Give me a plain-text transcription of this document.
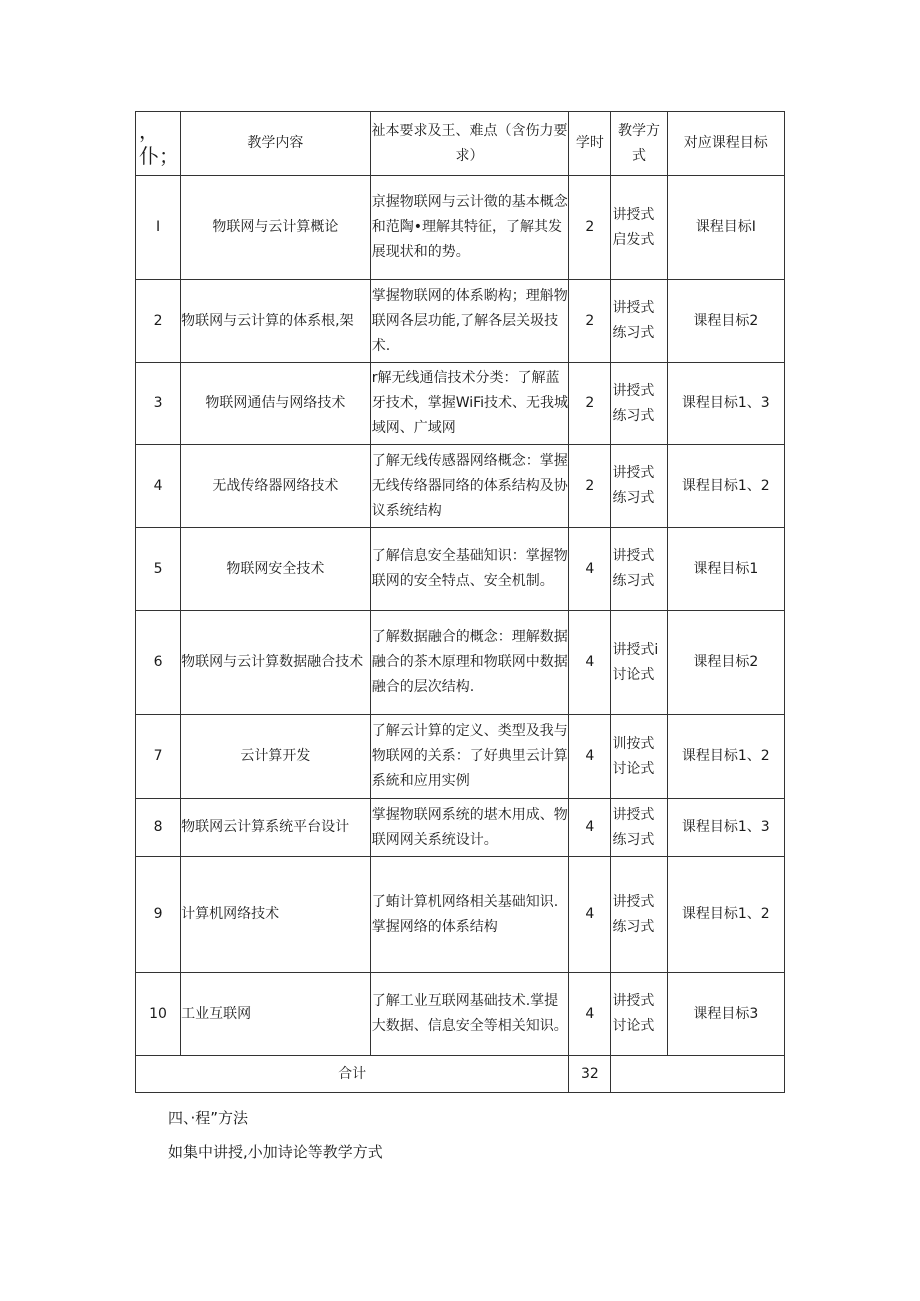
，
仆；	教学内容	祉本要求及王、难点（含伤力要求）	学时	教学方式	对应课程目标
I	物联网与云计算概论	京握物联网与云计徵的基本概念和范陶•理解其特征，了解其发展现状和的势。	2	讲授式启发式	课程目标I
2	物联网与云计算的体系根,架	掌握物联网的体系喲构；理斛物联网各层功能,了解各层关圾技术.	2	讲授式练习式	课程目标2
3	物联网通佶与网络技术	r解无线通信技术分类：了解蓝牙技术，掌握WiFi技术、无我城域网、广域网	2	讲授式练习式	课程目标1、3
4	无战传络器网络技术	了解无线传感器网络概念：掌握无线传络器同络的体系结构及协议系统结构	2	讲授式练习式	课程目标1、2
5	物联网安全技术	了解信息安全基础知识：掌握物联网的安全特点、安全机制。	4	讲授式练习式	课程目标1
6	物联网与云计算数据融合技术	了解数据融合的概念：理解数据融合的茶木原理和物联网中数据融合的层次结构.	4	讲授式i讨论式	课程目标2
7	云计算开发	了解云计算的定义、类型及我与物联网的关系：了好典里云计算系統和应用实例	4	训按式讨论式	课程目标1、2
8	物联网云计算系统平台设计	掌握物联网系统的堪木用成、物联网网关系统设计。	4	讲授式练习式	课程目标1、3
9	计算机网络技术	了蛕计算机网络相关基础知识.掌握网络的体系结构	4	讲授式练习式	课程目标1、2
10	工业互联网	了解工业互联网基础技术.掌提大数据、信息安全等相关知识。	4	讲授式讨论式	课程目标3
合计			32		
四、·程”方法
如集中讲授,小加诗论等教学方式
